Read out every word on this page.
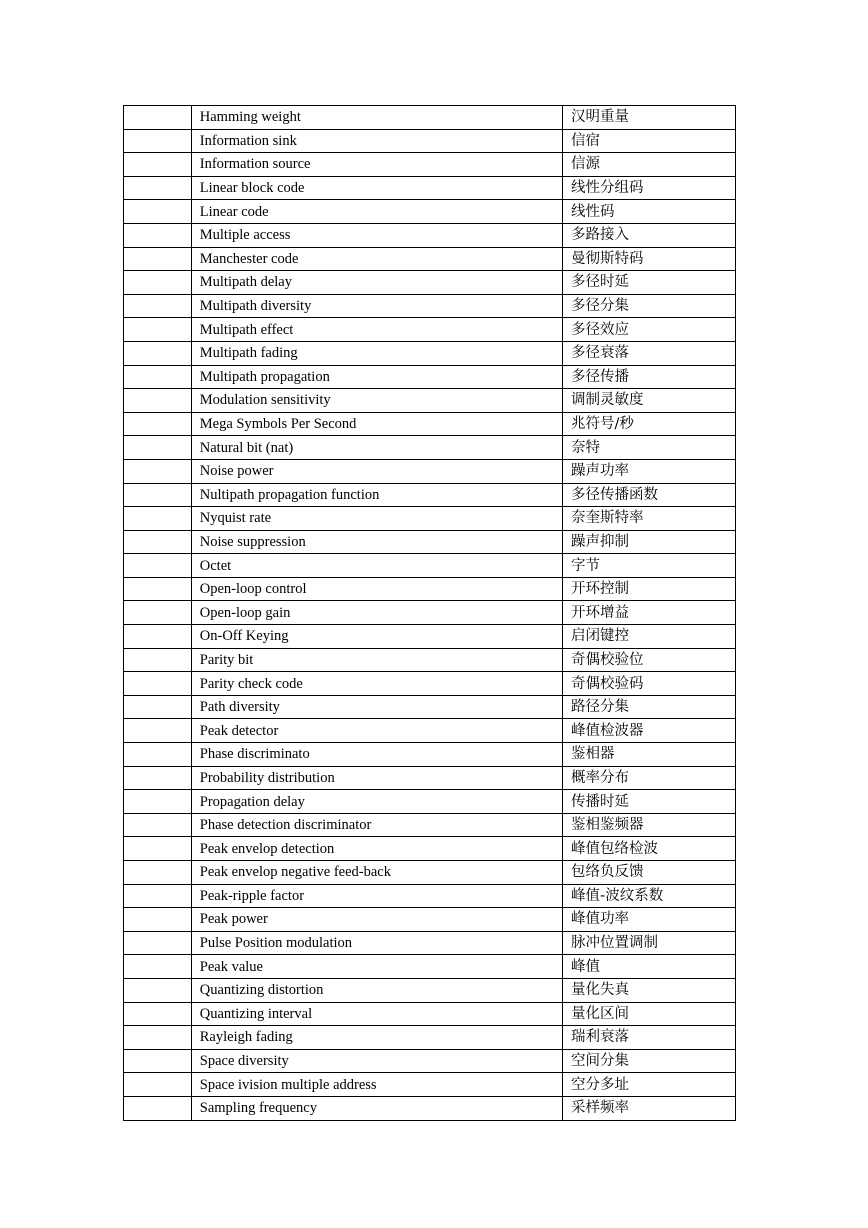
	Hamming weight	汉明重量
	Information sink	信宿
	Information source	信源
	Linear block code	线性分组码
	Linear code	线性码
	Multiple access	多路接入
	Manchester code	曼彻斯特码
	Multipath delay	多径时延
	Multipath diversity	多径分集
	Multipath effect	多径效应
	Multipath fading	多径衰落
	Multipath propagation	多径传播
	Modulation sensitivity	调制灵敏度
	Mega Symbols Per Second	兆符号/秒
	Natural bit (nat)	奈特
	Noise power	躁声功率
	Nultipath propagation function	多径传播函数
	Nyquist rate	奈奎斯特率
	Noise suppression	躁声抑制
	Octet	字节
	Open-loop control	开环控制
	Open-loop gain	开环增益
	On-Off Keying	启闭键控
	Parity bit	奇偶校验位
	Parity check code	奇偶校验码
	Path diversity	路径分集
	Peak detector	峰值检波器
	Phase discriminato	鉴相器
	Probability distribution	概率分布
	Propagation delay	传播时延
	Phase detection discriminator	鉴相鉴频器
	Peak envelop detection	峰值包络检波
	Peak envelop negative feed-back	包络负反馈
	Peak-ripple factor	峰值-波纹系数
	Peak power	峰值功率
	Pulse Position modulation	脉冲位置调制
	Peak value	峰值
	Quantizing distortion	量化失真
	Quantizing interval	量化区间
	Rayleigh fading	瑞利衰落
	Space diversity	空间分集
	Space ivision multiple address	空分多址
	Sampling frequency	采样频率
